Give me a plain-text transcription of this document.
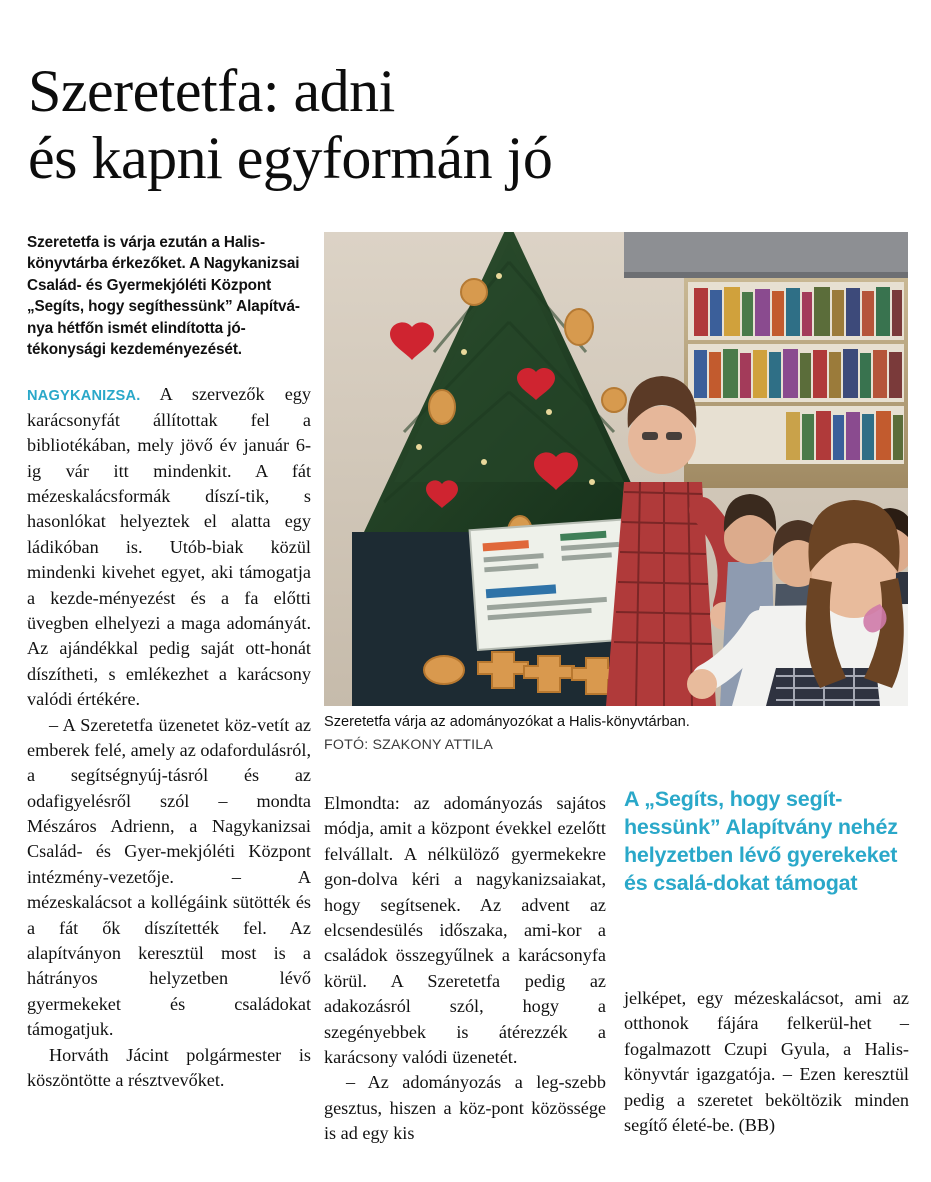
Szeretetfa: adni
és kapni egyformán jó

Szeretetfa is várja ezután a Halis-könyvtárba érkezőket. A Nagykanizsai Család- és Gyermekjóléti Központ „Segíts, hogy segíthessünk” Alapítvá-nya hétfőn ismét elindította jó-tékonysági kezdeményezését.

NAGYKANIZSA. A szervezők egy karácsonyfát állítottak fel a bibliotékában, mely jövő év január 6-ig vár itt mindenkit. A fát mézeskalácsformák díszí-tik, s hasonlókat helyeztek el alatta egy ládikóban is. Utób-biak közül mindenki kivehet egyet, aki támogatja a kezde-ményezést és a fa előtti üvegben elhelyezi a maga adományát. Az ajándékkal pedig saját ott-honát díszítheti, s emlékezhet a karácsony valódi értékére.

– A Szeretetfa üzenetet köz-vetít az emberek felé, amely az odafordulásról, a segítségnyúj-tásról és az odafigyelésről szól – mondta Mészáros Adrienn, a Nagykanizsai Család- és Gyer-mekjóléti Központ intézmény-vezetője. – A mézeskalácsot a kollégáink sütötték és a fát ők díszítették fel. Az alapítványon keresztül most is a hátrányos helyzetben lévő gyermekeket és családokat támogatjuk.

Horváth Jácint polgármester is köszöntötte a résztvevőket.

Szeretetfa várja az adományozókat a Halis-könyvtárban.
FOTÓ: SZAKONY ATTILA

Elmondta: az adományozás sajátos módja, amit a központ évekkel ezelőtt felvállalt. A nélkülöző gyermekekre gon-dolva kéri a nagykanizsaiakat, hogy segítsenek. Az advent az elcsendesülés időszaka, ami-kor a családok összegyűlnek a karácsonyfa körül. A Szeretetfa pedig az adakozásról szól, hogy a szegényebbek is átérezzék a karácsony valódi üzenetét.

– Az adományozás a leg-szebb gesztus, hiszen a köz-pont közössége is ad egy kis

A „Segíts, hogy segít-hessünk” Alapítvány nehéz helyzetben lévő gyerekeket és csalá-dokat támogat

jelképet, egy mézeskalácsot, ami az otthonok fájára felkerül-het – fogalmazott Czupi Gyula, a Halis-könyvtár igazgatója. – Ezen keresztül pedig a szeretet beköltözik minden segítő életé-be. (BB)
